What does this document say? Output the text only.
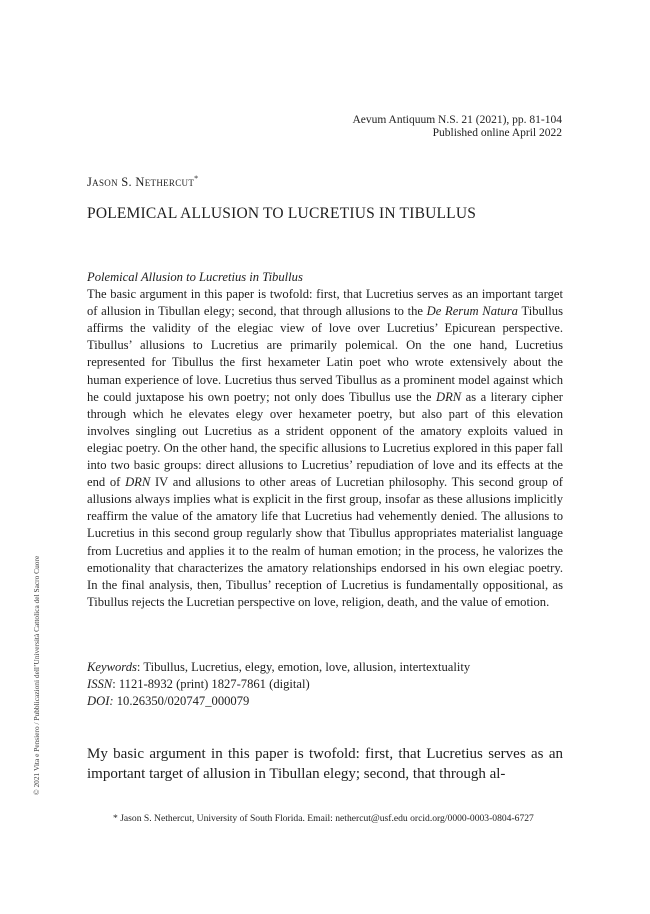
Aevum Antiquum N.S. 21 (2021), pp. 81-104
Published online April 2022
Jason S. Nethercut*
POLEMICAL ALLUSION TO LUCRETIUS IN TIBULLUS
Polemical Allusion to Lucretius in Tibullus
The basic argument in this paper is twofold: first, that Lucretius serves as an important target of allusion in Tibullan elegy; second, that through allusions to the De Rerum Natura Tibullus affirms the validity of the elegiac view of love over Lucretius’ Epicurean perspective. Tibullus’ allusions to Lucretius are primarily polemical. On the one hand, Lucretius represented for Tibullus the first hexameter Latin poet who wrote extensively about the human experience of love. Lucretius thus served Tibullus as a prominent model against which he could juxtapose his own poetry; not only does Tibullus use the DRN as a literary cipher through which he elevates elegy over hexameter poetry, but also part of this elevation involves singling out Lucretius as a strident opponent of the amatory exploits valued in elegiac poetry. On the other hand, the specific allusions to Lucretius explored in this paper fall into two basic groups: direct allusions to Lucretius’ repudiation of love and its effects at the end of DRN IV and allusions to other areas of Lucretian philosophy. This second group of allusions always implies what is explicit in the first group, insofar as these allusions implicitly reaffirm the value of the amatory life that Lucretius had vehemently denied. The allusions to Lucretius in this second group regularly show that Tibullus appropriates materialist language from Lucretius and applies it to the realm of human emotion; in the process, he valorizes the emotionality that characterizes the amatory relationships endorsed in his own elegiac poetry. In the final analysis, then, Tibullus’ reception of Lucretius is fundamentally oppositional, as Tibullus rejects the Lucretian perspective on love, religion, death, and the value of emotion.
Keywords: Tibullus, Lucretius, elegy, emotion, love, allusion, intertextuality
ISSN: 1121-8932 (print) 1827-7861 (digital)
DOI: 10.26350/020747_000079
My basic argument in this paper is twofold: first, that Lucretius serves as an important target of allusion in Tibullan elegy; second, that through al-
* Jason S. Nethercut, University of South Florida. Email: nethercut@usf.edu orcid.org/0000-0003-0804-6727
© 2021 Vita e Pensiero / Pubblicazioni dell’Università Cattolica del Sacro Cuore
